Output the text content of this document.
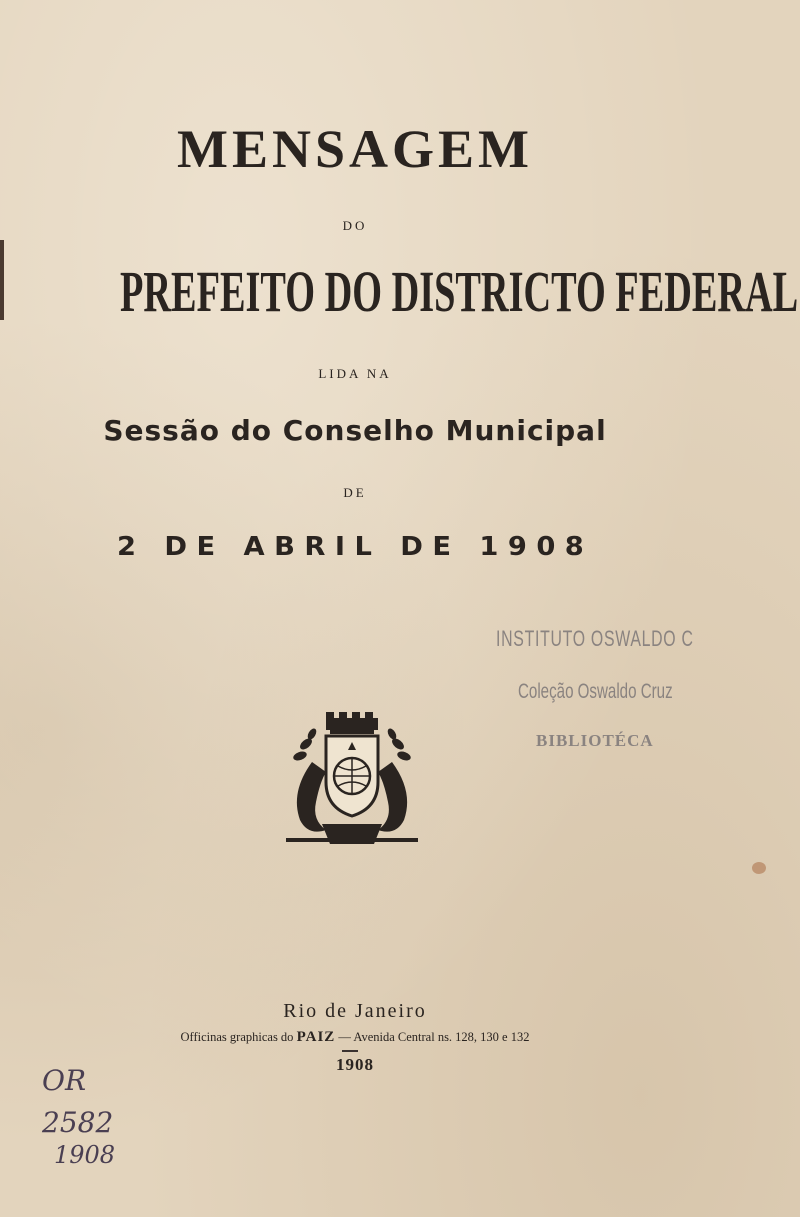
MENSAGEM
DO
PREFEITO DO DISTRICTO FEDERAL
LIDA NA
Sessão do Conselho Municipal
DE
2 DE ABRIL DE 1908
INSTITUTO OSWALDO C
Coleção Oswaldo Cruz
BIBLIOTÉCA
Rio de Janeiro
Officinas graphicas do PAIZ — Avenida Central ns. 128, 130 e 132
1908
OR
2582
1908
